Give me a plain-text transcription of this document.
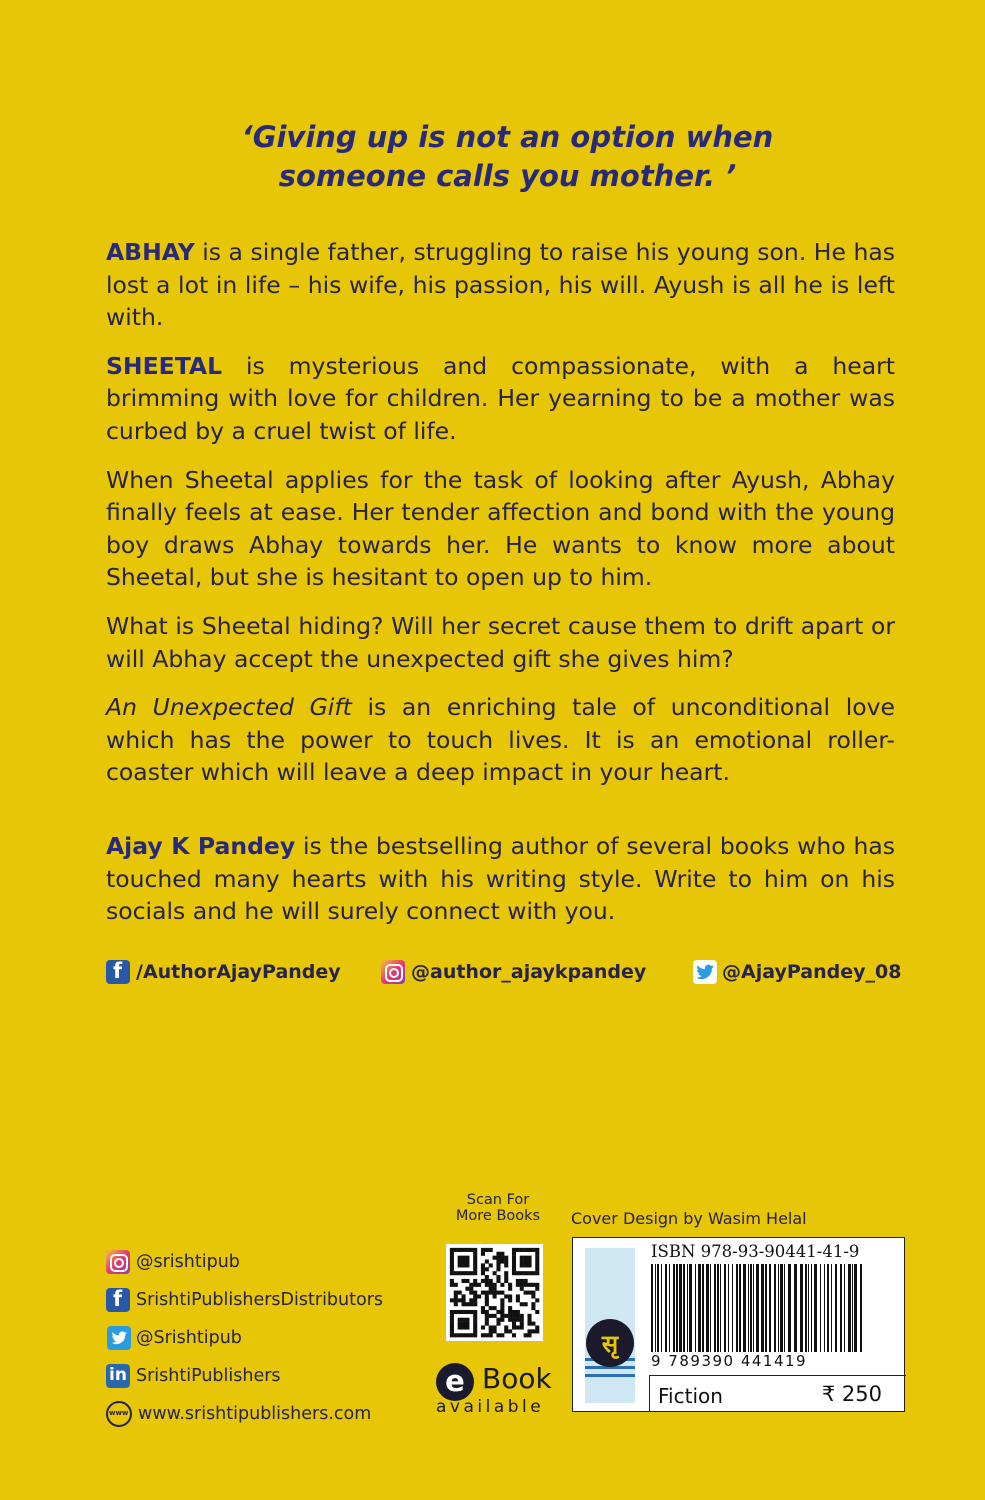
‘Giving up is not an option when
someone calls you mother. ’

ABHAY is a single father, struggling to raise his young son. He has lost a lot in life – his wife, his passion, his will. Ayush is all he is left with.

SHEETAL is mysterious and compassionate, with a heart brimming with love for children. Her yearning to be a mother was curbed by a cruel twist of life.

When Sheetal applies for the task of looking after Ayush, Abhay finally feels at ease. Her tender affection and bond with the young boy draws Abhay towards her. He wants to know more about Sheetal, but she is hesitant to open up to him.

What is Sheetal hiding? Will her secret cause them to drift apart or will Abhay accept the unexpected gift she gives him?

An Unexpected Gift is an enriching tale of unconditional love which has the power to touch lives. It is an emotional roller-coaster which will leave a deep impact in your heart.

Ajay K Pandey is the bestselling author of several books who has touched many hearts with his writing style. Write to him on his socials and he will surely connect with you.
f
/AuthorAjayPandey	@author_ajaykpandey	@AjayPandey_08
@srishtipub
f
SrishtiPublishersDistributors
@Srishtipub
in
SrishtiPublishers
www
www.srishtipublishers.com
Scan For
More Books
e Book
available
Cover Design by Wasim Helal
सृ
ISBN 978-93-90441-41-9
9 789390 441419
Fiction	₹ 250
